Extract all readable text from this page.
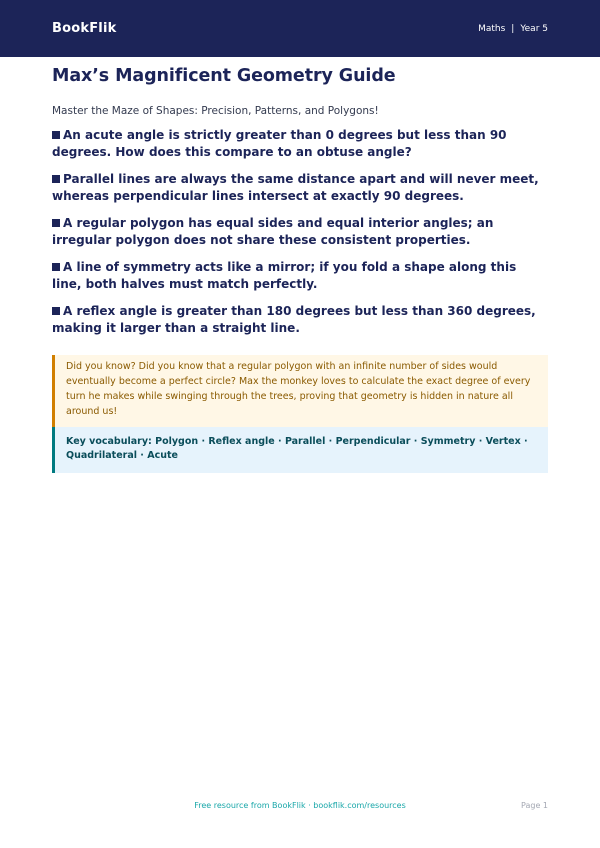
BookFlik	Maths | Year 5
Max’s Magnificent Geometry Guide
Master the Maze of Shapes: Precision, Patterns, and Polygons!
An acute angle is strictly greater than 0 degrees but less than 90 degrees. How does this compare to an obtuse angle?
Parallel lines are always the same distance apart and will never meet, whereas perpendicular lines intersect at exactly 90 degrees.
A regular polygon has equal sides and equal interior angles; an irregular polygon does not share these consistent properties.
A line of symmetry acts like a mirror; if you fold a shape along this line, both halves must match perfectly.
A reflex angle is greater than 180 degrees but less than 360 degrees, making it larger than a straight line.
Did you know? Did you know that a regular polygon with an infinite number of sides would eventually become a perfect circle? Max the monkey loves to calculate the exact degree of every turn he makes while swinging through the trees, proving that geometry is hidden in nature all around us!
Key vocabulary: Polygon · Reflex angle · Parallel · Perpendicular · Symmetry · Vertex · Quadrilateral · Acute
Free resource from BookFlik · bookflik.com/resources	Page 1
